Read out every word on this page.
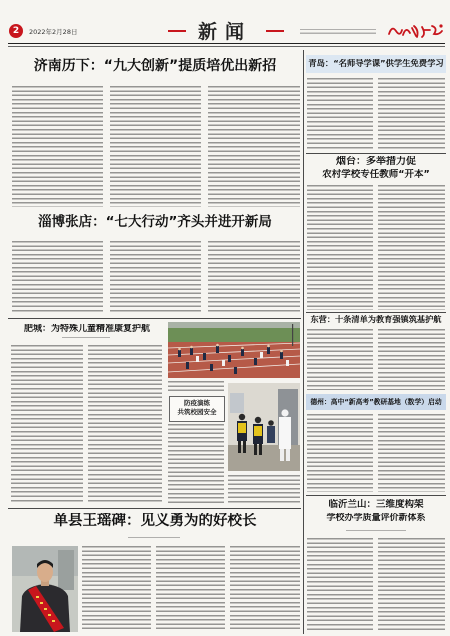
2	2022年2月28日	新闻
济南历下：“九大创新”提质培优出新招
淄博张店：“七大行动”齐头并进开新局
肥城：为特殊儿童精准康复护航
防疫演练
共筑校园安全
单县王瑶碑：见义勇为的好校长
青岛：“名师导学课”供学生免费学习
烟台：多举措力促
农村学校专任教师“开本”
东营：十条清单为教育强镇筑基护航
德州：高中“新高考”教研基地（数学）启动
临沂兰山：三维度构架
学校办学质量评价新体系
